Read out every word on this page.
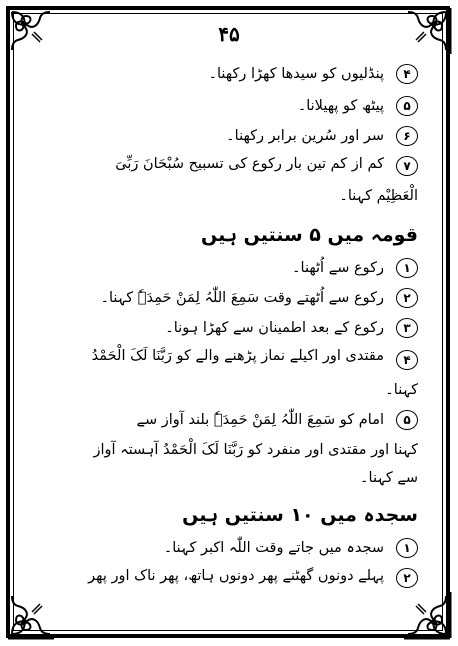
۴۵
۴
پنڈلیوں کو سیدھا کھڑا رکھنا۔
۵
پیٹھ کو پھیلانا۔
۶
سر اور سُرین برابر رکھنا۔
۷
کم از کم تین بار رکوع کی تسبیح سُبْحَانَ رَبِّیَ
الْعَظِیْم کہنا۔
قومہ میں ۵ سنتیں ہیں
۱
رکوع سے اُٹھنا۔
۲
رکوع سے اُٹھتے وقت سَمِعَ اللّٰہُ لِمَنْ حَمِدَہٗ کہنا۔
۳
رکوع کے بعد اطمینان سے کھڑا ہونا۔
۴
مقتدی اور اکیلے نماز پڑھنے والے کو رَبَّنَا لَکَ الْحَمْدُ
کہنا۔
۵
امام کو سَمِعَ اللّٰہُ لِمَنْ حَمِدَہٗ بلند آواز سے
کہنا اور مقتدی اور منفرد کو رَبَّنَا لَکَ الْحَمْدُ آہستہ آواز
سے کہنا۔
سجدہ میں ۱۰ سنتیں ہیں
۱
سجدہ میں جاتے وقت اللّٰہ اکبر کہنا۔
۲
پہلے دونوں گھٹنے پھر دونوں ہاتھ، پھر ناک اور پھر
